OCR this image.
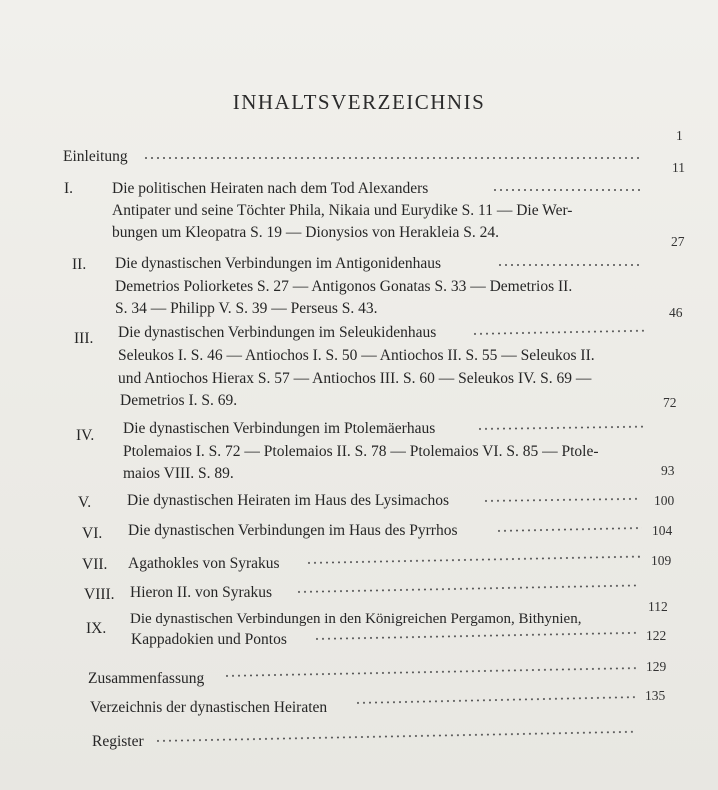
INHALTSVERZEICHNIS
Einleitung
1
I.	Die politischen Heiraten nach dem Tod Alexanders
11
Antipater und seine Töchter Phila, Nikaia und Eurydike S. 11 — Die Wer-
bungen um Kleopatra S. 19 — Dionysios von Herakleia S. 24.
II. Die dynastischen Verbindungen im Antigonidenhaus
27
Demetrios Poliorketes S. 27 — Antigonos Gonatas S. 33 — Demetrios II.
S. 34 — Philipp V. S. 39 — Perseus S. 43.
III. Die dynastischen Verbindungen im Seleukidenhaus
46
Seleukos I. S. 46 — Antiochos I. S. 50 — Antiochos II. S. 55 — Seleukos II.
und Antiochos Hierax S. 57 — Antiochos III. S. 60 — Seleukos IV. S. 69 —
Demetrios I. S. 69.
IV. Die dynastischen Verbindungen im Ptolemäerhaus
72
Ptolemaios I. S. 72 — Ptolemaios II. S. 78 — Ptolemaios VI. S. 85 — Ptole-
maios VIII. S. 89.
V. Die dynastischen Heiraten im Haus des Lysimachos
93
VI. Die dynastischen Verbindungen im Haus des Pyrrhos
100
VII. Agathokles von Syrakus
104
VIII. Hieron II. von Syrakus
109
IX.
Die dynastischen Verbindungen in den Königreichen Pergamon, Bithynien,
112
Kappadokien und Pontos
Zusammenfassung
122
Verzeichnis der dynastischen Heiraten
129
Register
135
